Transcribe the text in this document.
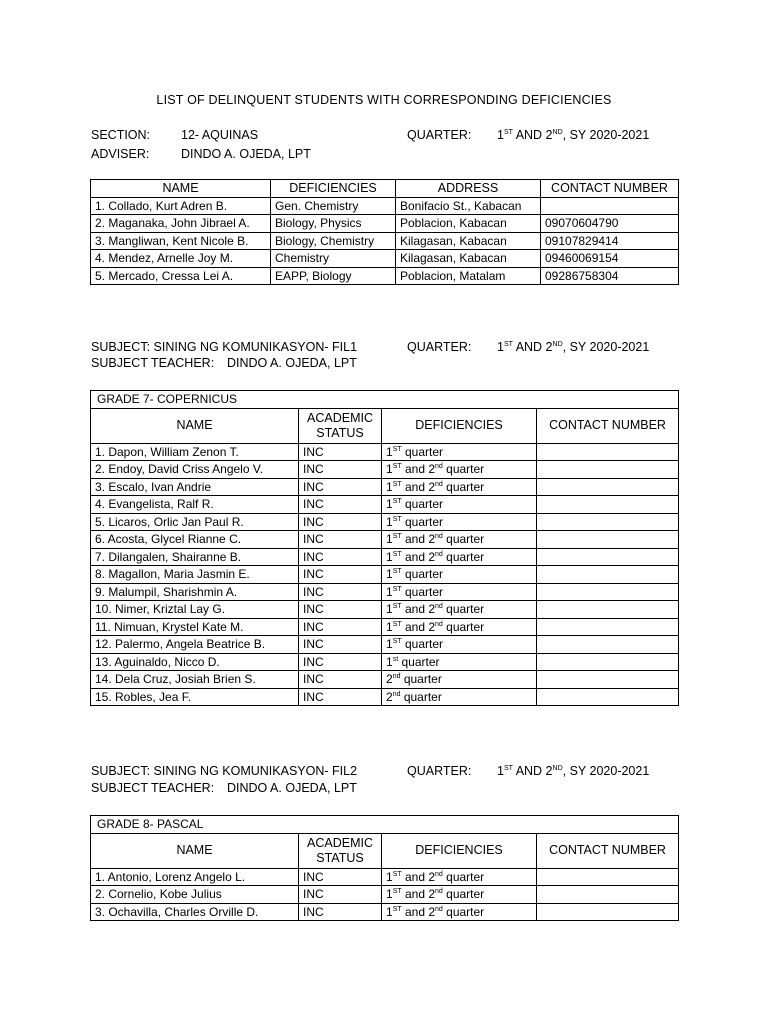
LIST OF DELINQUENT STUDENTS WITH CORRESPONDING DEFICIENCIES
SECTION: 12- AQUINAS	QUARTER: 1ST AND 2ND, SY 2020-2021
ADVISER:	DINDO A. OJEDA, LPT
NAME	DEFICIENCIES	ADDRESS	CONTACT NUMBER
1. Collado, Kurt Adren B.	Gen. Chemistry	Bonifacio St., Kabacan	
2. Maganaka, John Jibrael A.	Biology, Physics	Poblacion, Kabacan	09070604790
3. Mangliwan, Kent Nicole B.	Biology, Chemistry	Kilagasan, Kabacan	09107829414
4. Mendez, Arnelle Joy M.	Chemistry	Kilagasan, Kabacan	09460069154
5. Mercado, Cressa Lei A.	EAPP, Biology	Poblacion, Matalam	09286758304
SUBJECT: SINING NG KOMUNIKASYON- FIL1	QUARTER: 1ST AND 2ND, SY 2020-2021
SUBJECT TEACHER: DINDO A. OJEDA, LPT
GRADE 7- COPERNICUS			
NAME	ACADEMIC STATUS	DEFICIENCIES	CONTACT NUMBER
1. Dapon, William Zenon T.	INC	1ST quarter	
2. Endoy, David Criss Angelo V.	INC	1ST and 2nd quarter	
3. Escalo, Ivan Andrie	INC	1ST and 2nd quarter	
4. Evangelista, Ralf R.	INC	1ST quarter	
5. Licaros, Orlic Jan Paul R.	INC	1ST quarter	
6. Acosta, Glycel Rianne C.	INC	1ST and 2nd quarter	
7. Dilangalen, Shairanne B.	INC	1ST and 2nd quarter	
8. Magallon, Maria Jasmin E.	INC	1ST quarter	
9. Malumpil, Sharishmin A.	INC	1ST quarter	
10. Nimer, Kriztal Lay G.	INC	1ST and 2nd quarter	
11. Nimuan, Krystel Kate M.	INC	1ST and 2nd quarter	
12. Palermo, Angela Beatrice B.	INC	1ST quarter	
13. Aguinaldo, Nicco D.	INC	1st quarter	
14. Dela Cruz, Josiah Brien S.	INC	2nd quarter	
15. Robles, Jea F.	INC	2nd quarter	
SUBJECT: SINING NG KOMUNIKASYON- FIL2	QUARTER: 1ST AND 2ND, SY 2020-2021
SUBJECT TEACHER: DINDO A. OJEDA, LPT
GRADE 8- PASCAL			
NAME	ACADEMIC STATUS	DEFICIENCIES	CONTACT NUMBER
1. Antonio, Lorenz Angelo L.	INC	1ST and 2nd quarter	
2. Cornelio, Kobe Julius	INC	1ST and 2nd quarter	
3. Ochavilla, Charles Orville D.	INC	1ST and 2nd quarter	
